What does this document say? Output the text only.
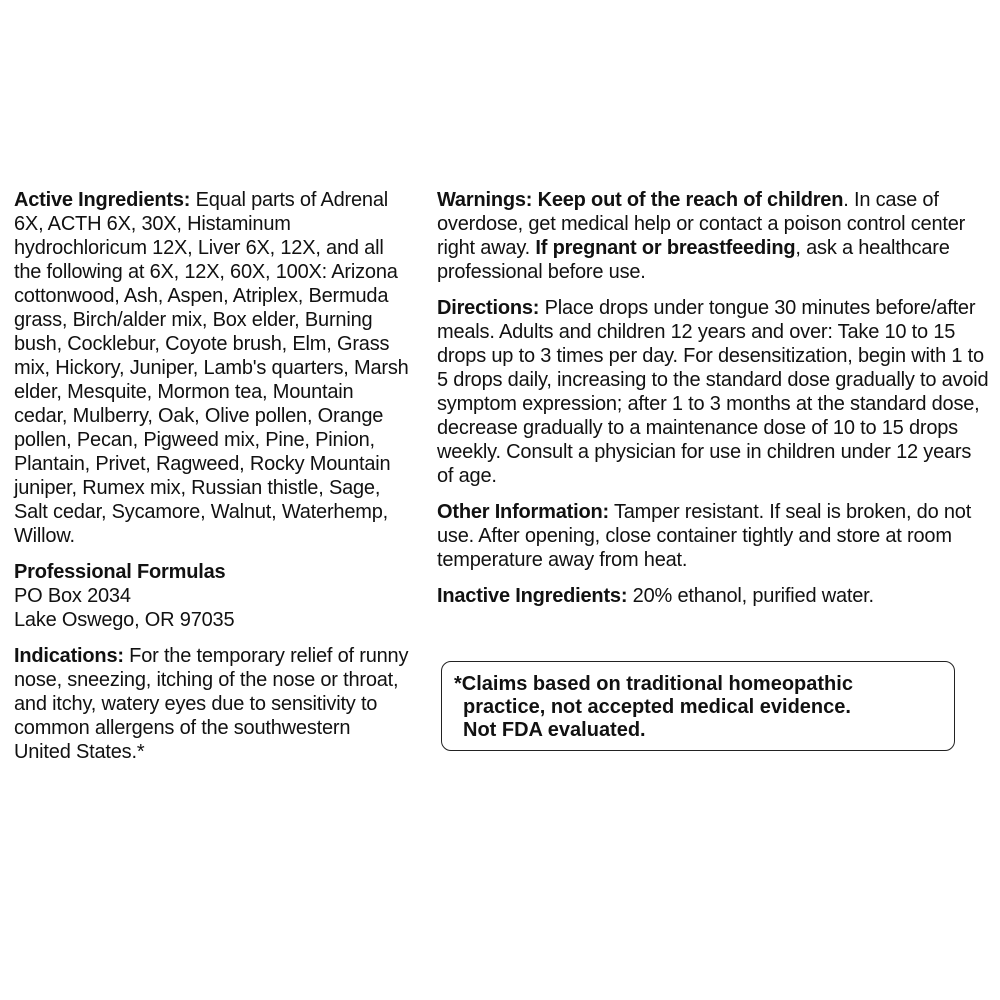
Active Ingredients: Equal parts of Adrenal 6X, ACTH 6X, 30X, Histaminum hydrochloricum 12X, Liver 6X, 12X, and all the following at 6X, 12X, 60X, 100X: Arizona cottonwood, Ash, Aspen, Atriplex, Bermuda grass, Birch/alder mix, Box elder, Burning bush, Cocklebur, Coyote brush, Elm, Grass mix, Hickory, Juniper, Lamb's quarters, Marsh elder, Mesquite, Mormon tea, Mountain cedar, Mulberry, Oak, Olive pollen, Orange pollen, Pecan, Pigweed mix, Pine, Pinion, Plantain, Privet, Ragweed, Rocky Mountain juniper, Rumex mix, Russian thistle, Sage, Salt cedar, Sycamore, Walnut, Waterhemp, Willow.

Professional Formulas
PO Box 2034
Lake Oswego, OR 97035

Indications: For the temporary relief of runny nose, sneezing, itching of the nose or throat, and itchy, watery eyes due to sensitivity to common allergens of the southwestern United States.*

Warnings: Keep out of the reach of children. In case of overdose, get medical help or contact a poison control center right away. If pregnant or breastfeeding, ask a healthcare professional before use.

Directions: Place drops under tongue 30 minutes before/after meals. Adults and children 12 years and over: Take 10 to 15 drops up to 3 times per day. For desensitization, begin with 1 to 5 drops daily, increasing to the standard dose gradually to avoid symptom expression; after 1 to 3 months at the standard dose, decrease gradually to a maintenance dose of 10 to 15 drops weekly. Consult a physician for use in children under 12 years of age.

Other Information: Tamper resistant. If seal is broken, do not use. After opening, close container tightly and store at room temperature away from heat.

Inactive Ingredients: 20% ethanol, purified water.

*Claims based on traditional homeopathic
practice, not accepted medical evidence.
Not FDA evaluated.
